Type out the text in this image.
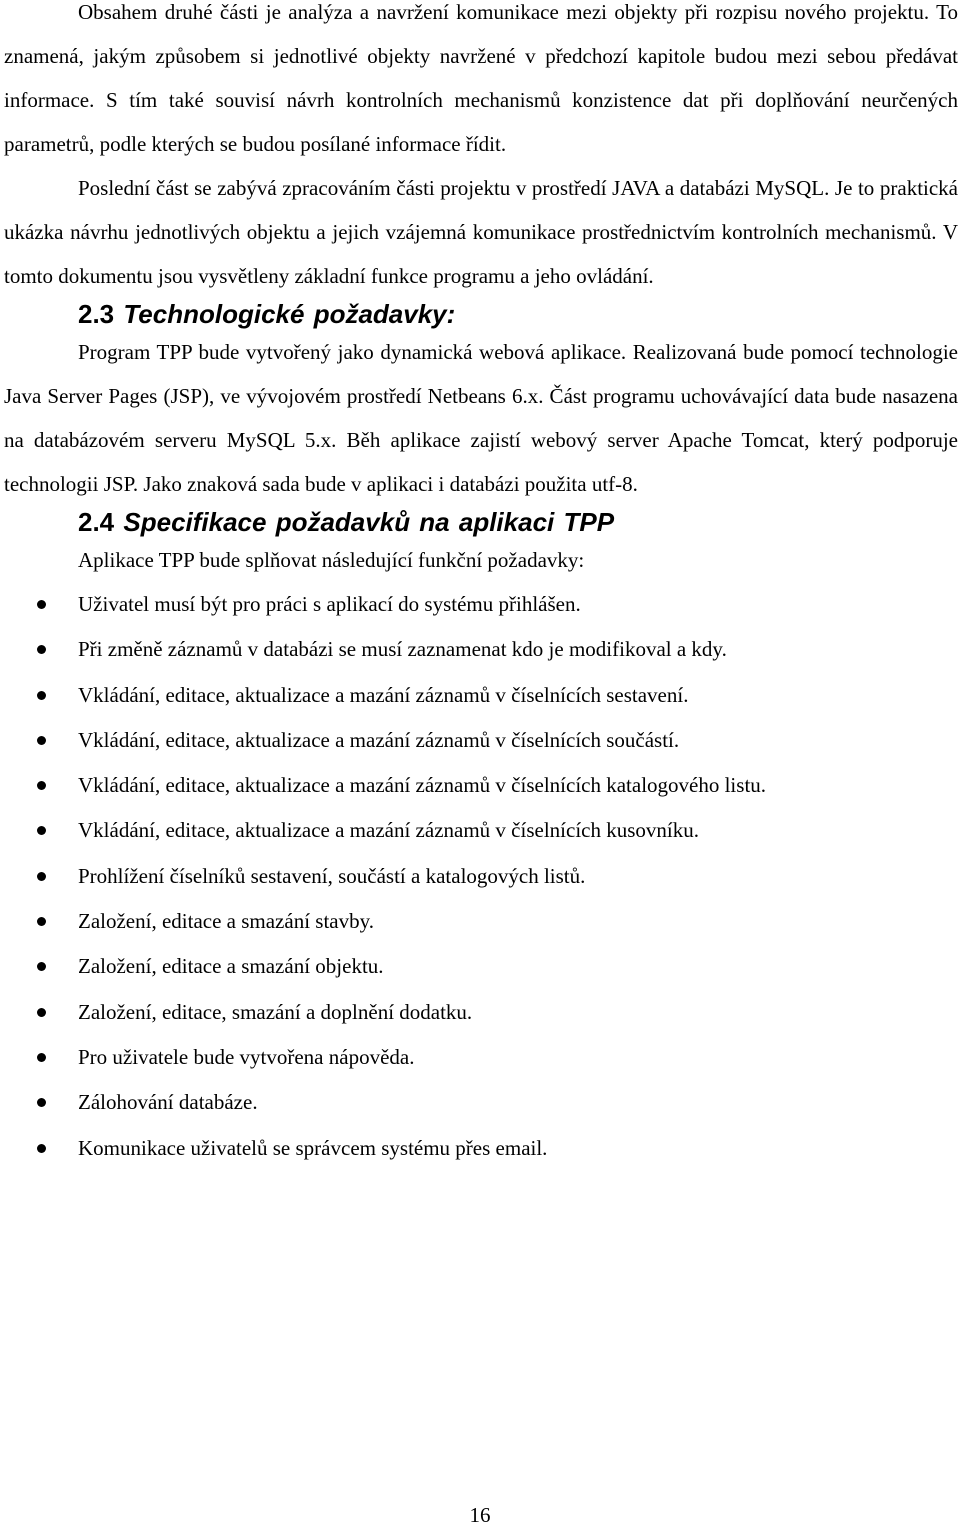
Obsahem druhé části je analýza a navržení komunikace mezi objekty při rozpisu nového projektu. To znamená, jakým způsobem si jednotlivé objekty navržené v předchozí kapitole budou mezi sebou předávat informace. S tím také souvisí návrh kontrolních mechanismů konzistence dat při doplňování neurčených parametrů, podle kterých se budou posílané informace řídit.

Poslední část se zabývá zpracováním části projektu v prostředí JAVA a databázi MySQL. Je to praktická ukázka návrhu jednotlivých objektu a jejich vzájemná komunikace prostřednictvím kontrolních mechanismů. V tomto dokumentu jsou vysvětleny základní funkce programu a jeho ovládání.

2.3 Technologické požadavky:

Program TPP bude vytvořený jako dynamická webová aplikace. Realizovaná bude pomocí technologie Java Server Pages (JSP), ve vývojovém prostředí Netbeans 6.x. Část programu uchovávající data bude nasazena na databázovém serveru MySQL 5.x. Běh aplikace zajistí webový server Apache Tomcat, který podporuje technologii JSP. Jako znaková sada bude v aplikaci i databázi použita utf-8.

2.4 Specifikace požadavků na aplikaci TPP

Aplikace TPP bude splňovat následující funkční požadavky:

Uživatel musí být pro práci s aplikací do systému přihlášen.
Při změně záznamů v databázi se musí zaznamenat kdo je modifikoval a kdy.
Vkládání, editace, aktualizace a mazání záznamů v číselnících sestavení.
Vkládání, editace, aktualizace a mazání záznamů v číselnících součástí.
Vkládání, editace, aktualizace a mazání záznamů v číselnících katalogového listu.
Vkládání, editace, aktualizace a mazání záznamů v číselnících kusovníku.
Prohlížení číselníků sestavení, součástí a katalogových listů.
Založení, editace a smazání stavby.
Založení, editace a smazání objektu.
Založení, editace, smazání a doplnění dodatku.
Pro uživatele bude vytvořena nápověda.
Zálohování databáze.
Komunikace uživatelů se správcem systému přes email.
16
